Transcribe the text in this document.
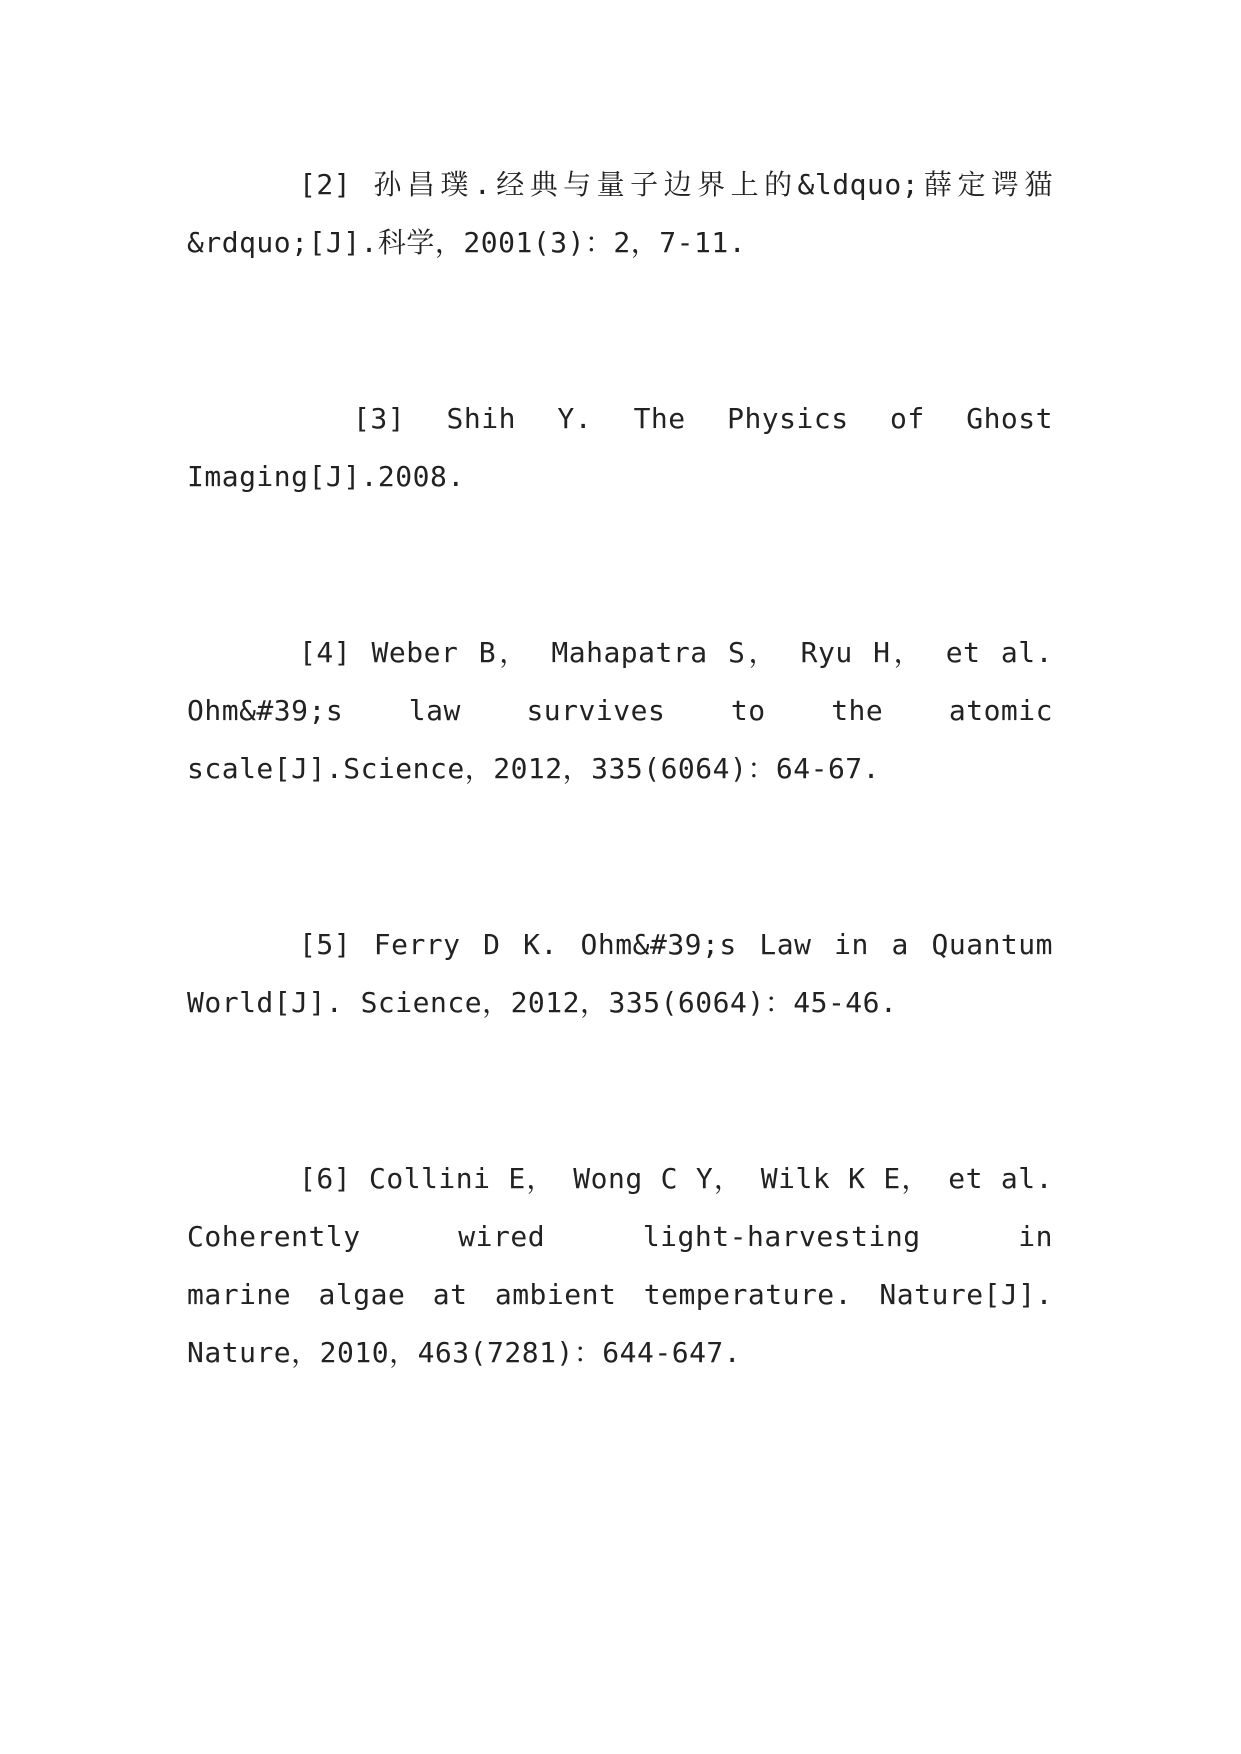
[2] 孙昌璞.经典与量子边界上的&ldquo;薛定谔猫
&rdquo;[J].科学，2001(3)：2，7-11.
[3] Shih Y. The Physics of Ghost
Imaging[J].2008.
[4] Weber B， Mahapatra S， Ryu H， et al.
Ohm&#39;s law survives to the atomic
scale[J].Science，2012，335(6064)：64-67.
[5] Ferry D K. Ohm&#39;s Law in a Quantum
World[J]. Science，2012，335(6064)：45-46.
[6] Collini E， Wong C Y， Wilk K E， et al.
Coherently wired light-harvesting in
marine algae at ambient temperature. Nature[J].
Nature，2010，463(7281)：644-647.
